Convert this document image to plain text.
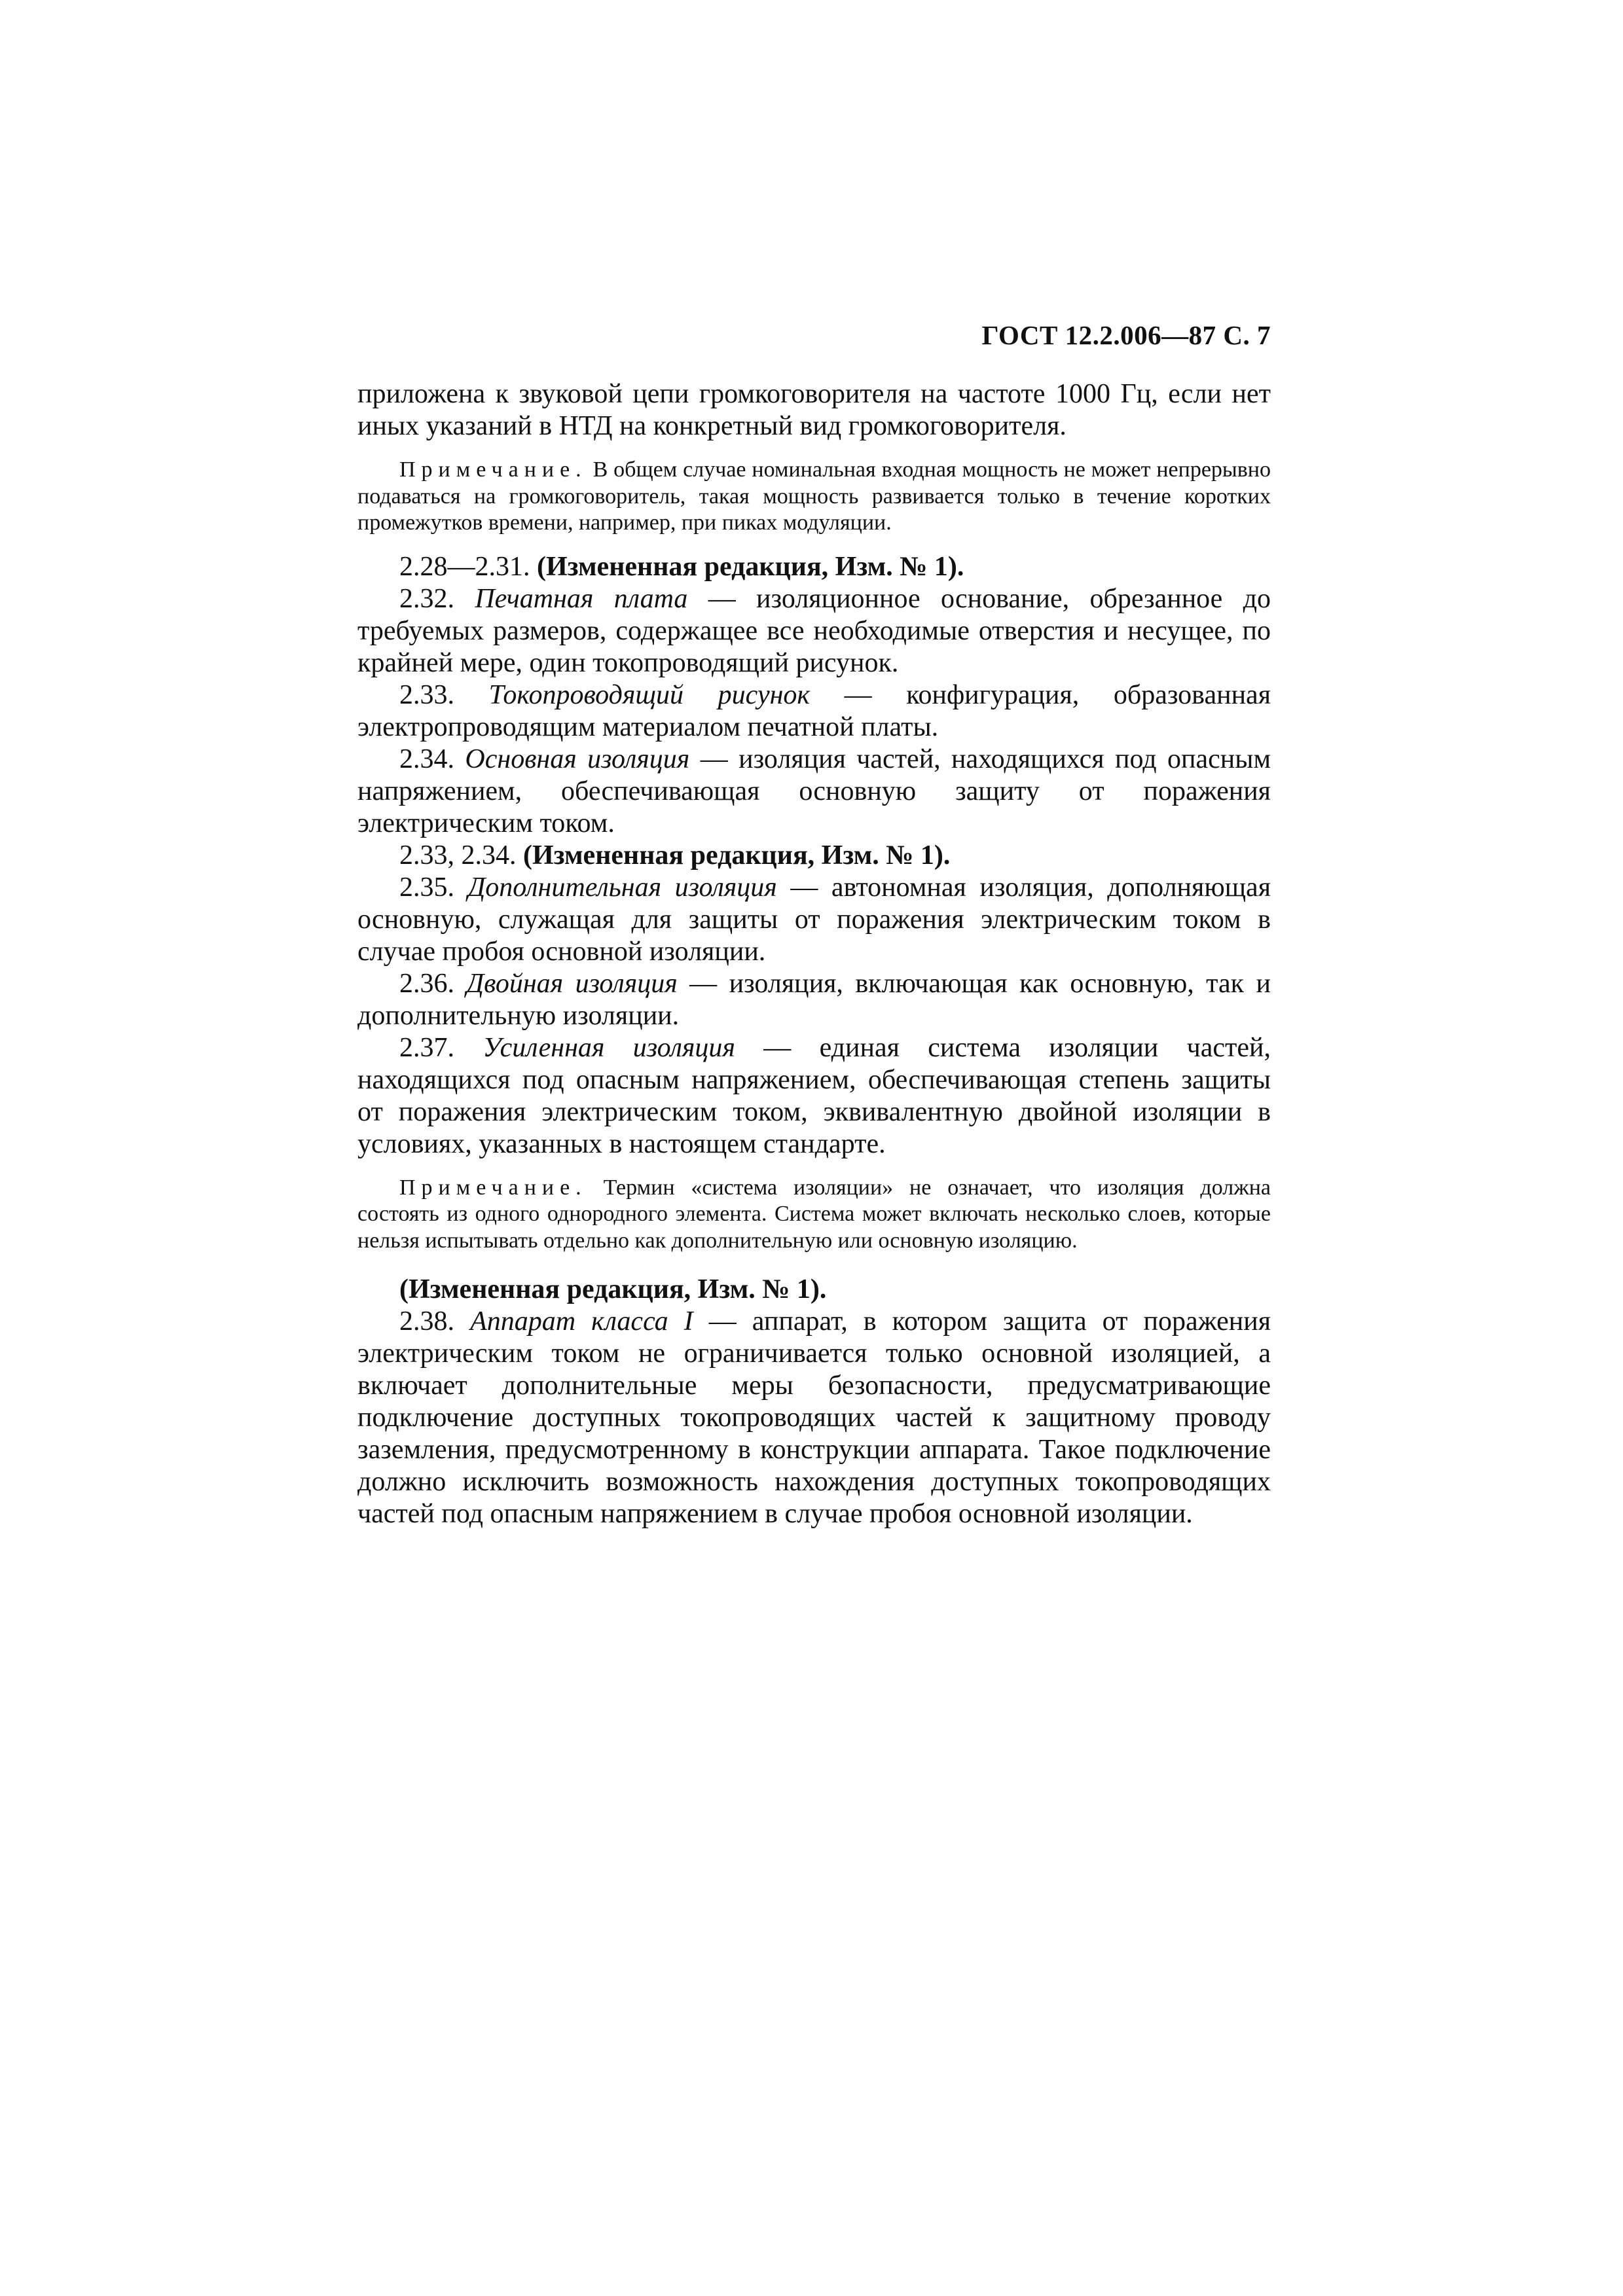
ГОСТ 12.2.006—87 С. 7

приложена к звуковой цепи громкоговорителя на частоте 1000 Гц, если нет иных указаний в НТД на конкретный вид громкоговорителя.

Примечание. В общем случае номинальная входная мощность не может непрерывно подаваться на громкоговоритель, такая мощность развивается только в течение коротких промежутков времени, например, при пиках модуляции.

2.28—2.31. (Измененная редакция, Изм. № 1).

2.32. Печатная плата — изоляционное основание, обрезанное до требуемых размеров, содержащее все необходимые отверстия и несущее, по крайней мере, один токопроводящий рисунок.

2.33. Токопроводящий рисунок — конфигурация, образованная электропроводящим материалом печатной платы.

2.34. Основная изоляция — изоляция частей, находящихся под опасным напряжением, обеспечивающая основную защиту от поражения электрическим током.

2.33, 2.34. (Измененная редакция, Изм. № 1).

2.35. Дополнительная изоляция — автономная изоляция, дополняющая основную, служащая для защиты от поражения электрическим током в случае пробоя основной изоляции.

2.36. Двойная изоляция — изоляция, включающая как основную, так и дополнительную изоляции.

2.37. Усиленная изоляция — единая система изоляции частей, находящихся под опасным напряжением, обеспечивающая степень защиты от поражения электрическим током, эквивалентную двойной изоляции в условиях, указанных в настоящем стандарте.

Примечание. Термин «система изоляции» не означает, что изоляция должна состоять из одного однородного элемента. Система может включать несколько слоев, которые нельзя испытывать отдельно как дополнительную или основную изоляцию.

(Измененная редакция, Изм. № 1).

2.38. Аппарат класса I — аппарат, в котором защита от поражения электрическим током не ограничивается только основной изоляцией, а включает дополнительные меры безопасности, предусматривающие подключение доступных токопроводящих частей к защитному проводу заземления, предусмотренному в конструкции аппарата. Такое подключение должно исключить возможность нахождения доступных токопроводящих частей под опасным напряжением в случае пробоя основной изоляции.
